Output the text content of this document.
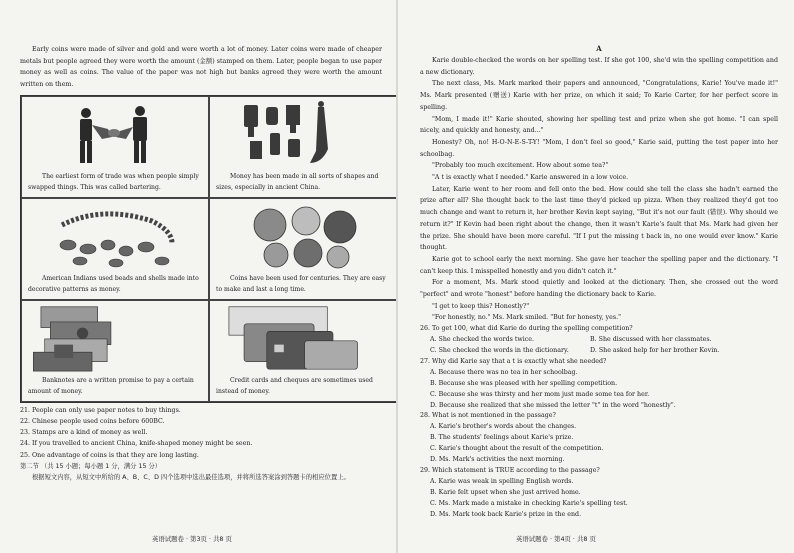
Early coins were made of silver and gold and were worth a lot of money. Later coins were made of cheaper metals but people agreed they were worth the amount (金额) stamped on them. Later, people began to use paper money as well as coins. The value of the paper was not high but banks agreed they were worth the amount written on them.

The earliest form of trade was when people simply swapped things. This was called bartering.
Money has been made in all sorts of shapes and sizes, especially in ancient China.
American Indians used beads and shells made into decorative patterns as money.
Coins have been used for centuries. They are easy to make and last a long time.
Banknotes are a written promise to pay a certain amount of money.
Credit cards and cheques are sometimes used instead of money.

21. People can only use paper notes to buy things.

22. Chinese people used coins before 600BC.

23. Stamps are a kind of money as well.

24. If you travelled to ancient China, knife-shaped money might be seen.

25. One advantage of coins is that they are long lasting.

第二节 （共 15 小题；每小题 1 分，满分 15 分）

根据短文内容，从短文中所给的 A、B、C、D 四个选项中选出最佳选项，并将所选答案涂到答题卡的相应位置上。

英语试题卷 · 第3页 · 共8 页
A

Karie double-checked the words on her spelling test. If she got 100, she'd win the spelling competition and a new dictionary.

The next class, Ms. Mark marked their papers and announced, "Congratulations, Karie! You've made it!" Ms. Mark presented (赠送) Karie with her prize, on which it said; To Karie Carter, for her perfect score in spelling.

"Mom, I made it!" Karie shouted, showing her spelling test and prize when she got home. "I can spell nicely, and quickly and honesty, and..."

Honesty? Oh, no! H-O-N-E-S-T-Y! "Mom, I don't feel so good," Karie said, putting the test paper into her schoolbag.

"Probably too much excitement. How about some tea?"

"A t is exactly what I needed." Karie answered in a low voice.

Later, Karie went to her room and fell onto the bed. How could she tell the class she hadn't earned the prize after all? She thought back to the last time they'd picked up pizza. When they realized they'd got too much change and want to return it, her brother Kevin kept saying, "But it's not our fault (错误). Why should we return it?" If Kevin had been right about the change, then it wasn't Karie's fault that Ms. Mark had given her the prize. She should have been more careful. "If I put the missing t back in, no one would ever know." Karie thought.

Karie got to school early the next morning. She gave her teacher the spelling paper and the dictionary. "I can't keep this. I misspelled honestly and you didn't catch it."

For a moment, Ms. Mark stood quietly and looked at the dictionary. Then, she crossed out the word "perfect" and wrote "honest" before handing the dictionary back to Karie.

"I get to keep this? Honestly?"

"For honestly, no." Ms. Mark smiled. "But for honesty, yes."

26. To get 100, what did Karie do during the spelling competition?

A. She checked the words twice.	B. She discussed with her classmates.
C. She checked the words in the dictionary.	D. She asked help for her brother Kevin.

27. Why did Karie say that a t is exactly what she needed?

A. Because there was no tea in her schoolbag.

B. Because she was pleased with her spelling competition.

C. Because she was thirsty and her mom just made some tea for her.

D. Because she realized that she missed the letter "t" in the word "honestly".

28. What is not mentioned in the passage?

A. Karie's brother's words about the changes.

B. The students' feelings about Karie's prize.

C. Karie's thought about the result of the competition.

D. Ms. Mark's activities the next morning.

29. Which statement is TRUE according to the passage?

A. Karie was weak in spelling English words.

B. Karie felt upset when she just arrived home.

C. Ms. Mark made a mistake in checking Karie's spelling test.

D. Ms. Mark took back Karie's prize in the end.

英语试题卷 · 第4页 · 共8 页
